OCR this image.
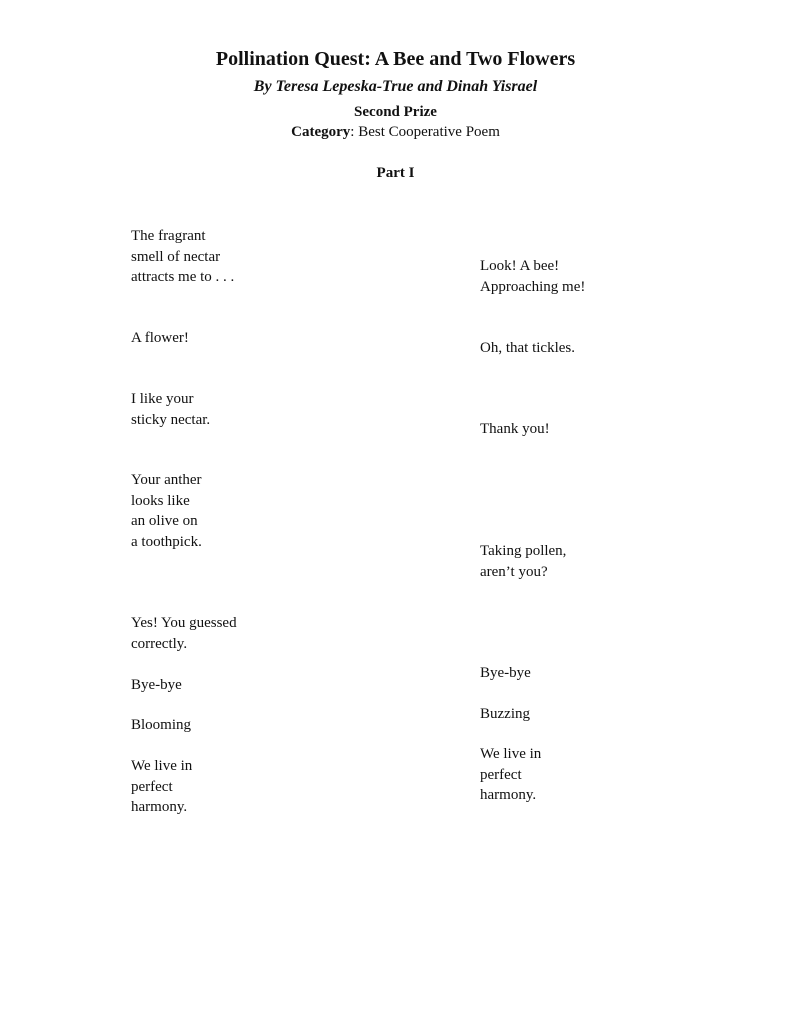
Pollination Quest: A Bee and Two Flowers
By Teresa Lepeska-True and Dinah Yisrael
Second Prize
Category: Best Cooperative Poem
Part I
The fragrant
smell of nectar
attracts me to . . .
A flower!
I like your
sticky nectar.
Your anther
looks like
an olive on
a toothpick.
Yes! You guessed
correctly.
Bye-bye
Blooming
We live in
perfect
harmony.
Look! A bee!
Approaching me!
Oh, that tickles.
Thank you!
Taking pollen,
aren’t you?
Bye-bye
Buzzing
We live in
perfect
harmony.
